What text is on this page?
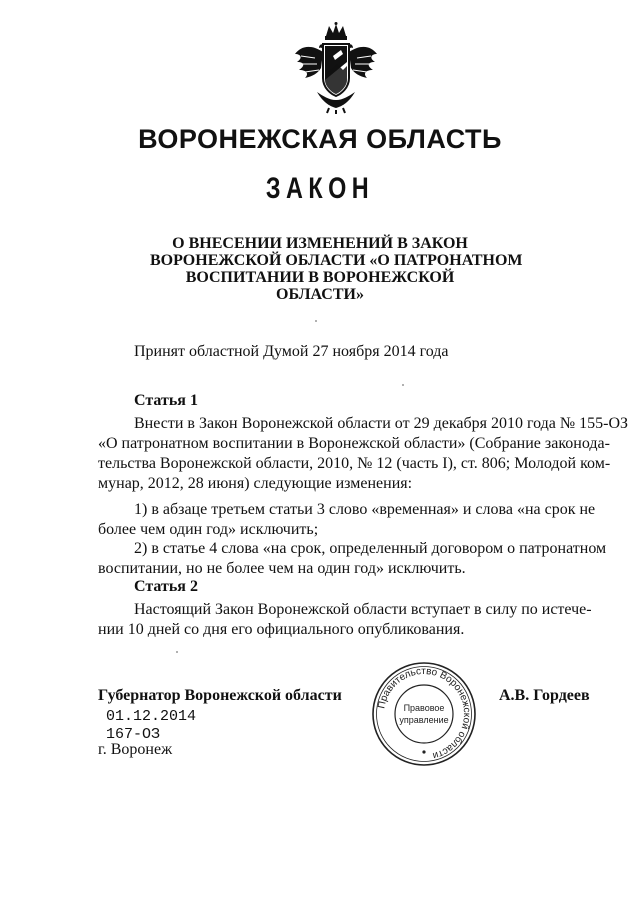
ВОРОНЕЖСКАЯ ОБЛАСТЬ
ЗАКОН
О ВНЕСЕНИИ ИЗМЕНЕНИЙ В ЗАКОН
ВОРОНЕЖСКОЙ ОБЛАСТИ «О ПАТРОНАТНОМ
ВОСПИТАНИИ В ВОРОНЕЖСКОЙ
ОБЛАСТИ»
Принят областной Думой 27 ноября 2014 года
Статья 1
Внести в Закон Воронежской области от 29 декабря 2010 года № 155-ОЗ
«О патронатном воспитании в Воронежской области» (Собрание законода-
тельства Воронежской области, 2010, № 12 (часть I), ст. 806; Молодой ком-
мунар, 2012, 28 июня) следующие изменения:
1) в абзаце третьем статьи 3 слово «временная» и слова «на срок не
более чем один год» исключить;
2) в статье 4 слова «на срок, определенный договором о патронатном
воспитании, но не более чем на один год» исключить.
Статья 2
Настоящий Закон Воронежской области вступает в силу по истече-
нии 10 дней со дня его официального опубликования.
Губернатор Воронежской области	А.В. Гордеев
01.12.2014
167-ОЗ
г. Воронеж
Правительство Воронежской области
Правовое
управление
